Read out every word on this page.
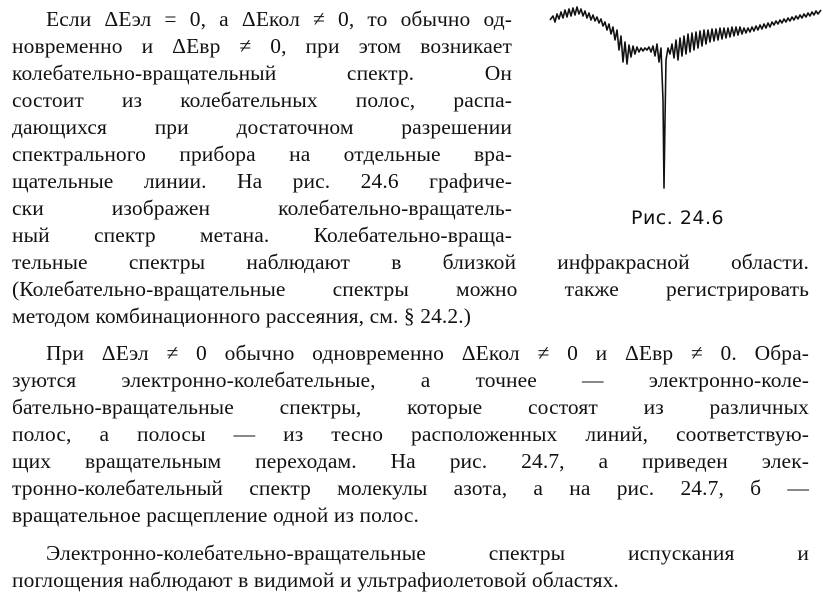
Если ΔEэл = 0, а ΔEкол ≠ 0, то обычно од-
новременно и ΔEвр ≠ 0, при этом возникает
колебательно-вращательный спектр. Он
состоит из колебательных полос, распа-
дающихся при достаточном разрешении
спектрального прибора на отдельные вра-
щательные линии. На рис. 24.6 графиче-
ски изображен колебательно-вращатель-
ный спектр метана. Колебательно-враща-
тельные спектры наблюдают в близкой инфракрасной области.
(Колебательно-вращательные спектры можно также регистрировать
методом комбинационного рассеяния, см. § 24.2.)
При ΔEэл ≠ 0 обычно одновременно ΔEкол ≠ 0 и ΔEвр ≠ 0. Обра-
зуются электронно-колебательные, а точнее — электронно-коле-
бательно-вращательные спектры, которые состоят из различных
полос, а полосы — из тесно расположенных линий, соответствую-
щих вращательным переходам. На рис. 24.7, а приведен элек-
тронно-колебательный спектр молекулы азота, а на рис. 24.7, б —
вращательное расщепление одной из полос.
Электронно-колебательно-вращательные спектры испускания и
поглощения наблюдают в видимой и ультрафиолетовой областях.
Рис. 24.6
